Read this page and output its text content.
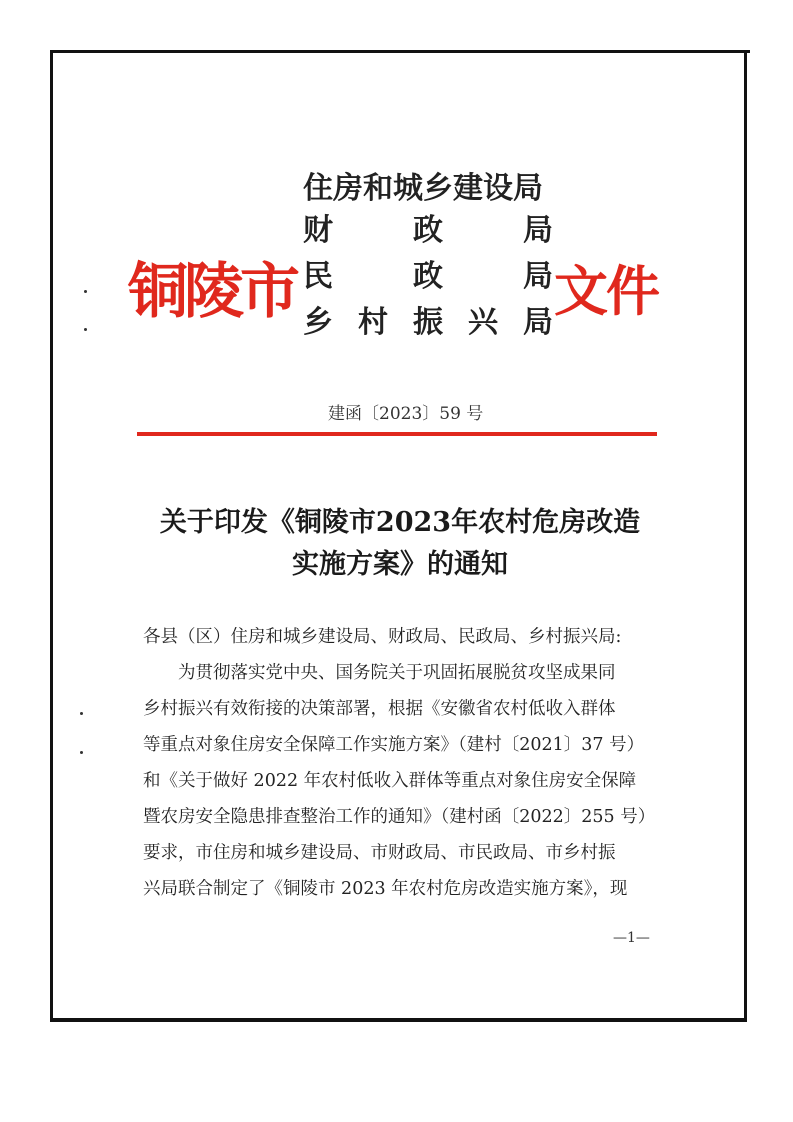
铜陵市
住房和城乡建设局
财	政	局
民	政	局
乡 村 振 兴 局 文件
建函〔2023〕59 号
关于印发《铜陵市2023年农村危房改造
实施方案》的通知
各县（区）住房和城乡建设局、财政局、民政局、乡村振兴局:
为贯彻落实党中央、国务院关于巩固拓展脱贫攻坚成果同
乡村振兴有效衔接的决策部署，根据《安徽省农村低收入群体
等重点对象住房安全保障工作实施方案》（建村〔2021〕37 号）
和《关于做好 2022 年农村低收入群体等重点对象住房安全保障
暨农房安全隐患排查整治工作的通知》（建村函〔2022〕255 号）
要求，市住房和城乡建设局、市财政局、市民政局、市乡村振
兴局联合制定了《铜陵市 2023 年农村危房改造实施方案》，现
—1—
